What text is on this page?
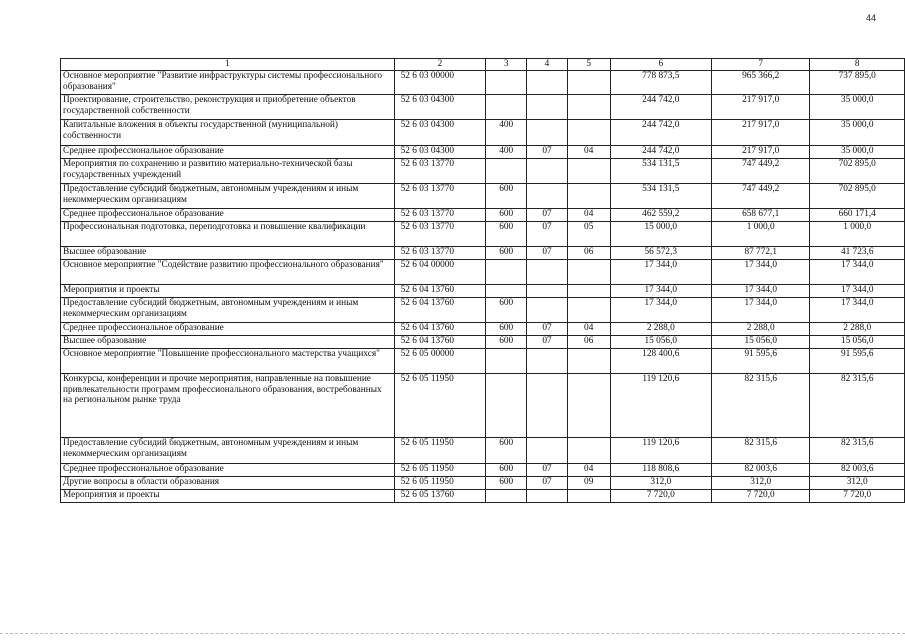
44
1	2	3	4	5	6	7	8
Основное мероприятие "Развитие инфраструктуры системы профессионального образования"	52 6 03 00000				778 873,5	965 366,2	737 895,0
Проектирование, строительство, реконструкция и приобретение объектов государственной собственности	52 6 03 04300				244 742,0	217 917,0	35 000,0
Капитальные вложения в объекты государственной (муниципальной) собственности	52 6 03 04300	400			244 742,0	217 917,0	35 000,0
Среднее профессиональное образование	52 6 03 04300	400	07	04	244 742,0	217 917,0	35 000,0
Мероприятия по сохранению и развитию материально-технической базы государственных учреждений	52 6 03 13770				534 131,5	747 449,2	702 895,0
Предоставление субсидий бюджетным, автономным учреждениям и иным некоммерческим организациям	52 6 03 13770	600			534 131,5	747 449,2	702 895,0
Среднее профессиональное образование	52 6 03 13770	600	07	04	462 559,2	658 677,1	660 171,4
Профессиональная подготовка, переподготовка и повышение квалификации	52 6 03 13770	600	07	05	15 000,0	1 000,0	1 000,0
Высшее образование	52 6 03 13770	600	07	06	56 572,3	87 772,1	41 723,6
Основное мероприятие "Содействие развитию профессионального образования"	52 6 04 00000				17 344,0	17 344,0	17 344,0
Мероприятия и проекты	52 6 04 13760				17 344,0	17 344,0	17 344,0
Предоставление субсидий бюджетным, автономным учреждениям и иным некоммерческим организациям	52 6 04 13760	600			17 344,0	17 344,0	17 344,0
Среднее профессиональное образование	52 6 04 13760	600	07	04	2 288,0	2 288,0	2 288,0
Высшее образование	52 6 04 13760	600	07	06	15 056,0	15 056,0	15 056,0
Основное мероприятие "Повышение профессионального мастерства учащихся"	52 6 05 00000				128 400,6	91 595,6	91 595,6
Конкурсы, конференции и прочие мероприятия, направленные на повышение привлекательности программ профессионального образования, востребованных на региональном рынке труда	52 6 05 11950				119 120,6	82 315,6	82 315,6
Предоставление субсидий бюджетным, автономным учреждениям и иным некоммерческим организациям	52 6 05 11950	600			119 120,6	82 315,6	82 315,6
Среднее профессиональное образование	52 6 05 11950	600	07	04	118 808,6	82 003,6	82 003,6
Другие вопросы в области образования	52 6 05 11950	600	07	09	312,0	312,0	312,0
Мероприятия и проекты	52 6 05 13760				7 720,0	7 720,0	7 720,0
